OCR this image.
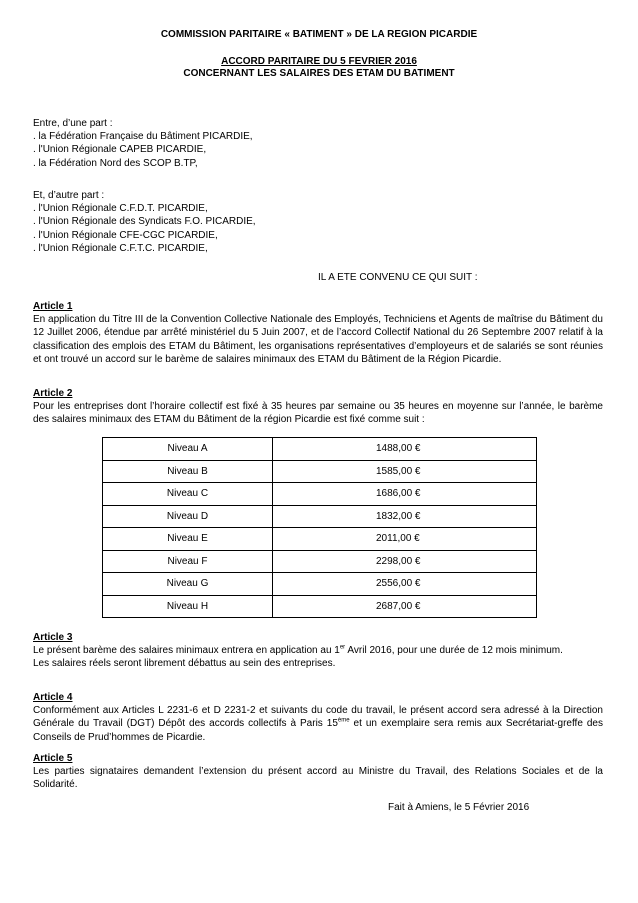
COMMISSION PARITAIRE « BATIMENT » DE LA REGION PICARDIE
ACCORD PARITAIRE DU 5 FEVRIER 2016
CONCERNANT LES SALAIRES DES ETAM DU BATIMENT
Entre, d’une part :
. la Fédération Française du Bâtiment PICARDIE,
. l'Union Régionale CAPEB PICARDIE,
. la Fédération Nord des SCOP B.TP,
Et, d’autre part :
. l'Union Régionale C.F.D.T. PICARDIE,
. l'Union Régionale des Syndicats F.O. PICARDIE,
. l'Union Régionale CFE-CGC PICARDIE,
. l'Union Régionale C.F.T.C. PICARDIE,
IL A ETE CONVENU CE QUI SUIT :
Article 1
En application du Titre III de la Convention Collective Nationale des Employés, Techniciens et Agents de maîtrise du Bâtiment du 12 Juillet 2006, étendue par arrêté ministériel du 5 Juin 2007, et de l’accord Collectif National du 26 Septembre 2007 relatif à la classification des emplois des ETAM du Bâtiment, les organisations représentatives d’employeurs et de salariés se sont réunies et ont trouvé un accord sur le barème de salaires minimaux des ETAM du Bâtiment de la Région Picardie.
Article 2
Pour les entreprises dont l’horaire collectif est fixé à 35 heures par semaine ou 35 heures en moyenne sur l’année, le barème des salaires minimaux des ETAM du Bâtiment de la région Picardie est fixé comme suit :
Niveau A	1488,00 €
Niveau B	1585,00 €
Niveau C	1686,00 €
Niveau D	1832,00 €
Niveau E	2011,00 €
Niveau F	2298,00 €
Niveau G	2556,00 €
Niveau H	2687,00 €
Article 3
Le présent barème des salaires minimaux entrera en application au 1er Avril 2016, pour une durée de 12 mois minimum.
Les salaires réels seront librement débattus au sein des entreprises.
Article 4
Conformément aux Articles L 2231-6 et D 2231-2 et suivants du code du travail, le présent accord sera adressé à la Direction Générale du Travail (DGT) Dépôt des accords collectifs à Paris 15ème et un exemplaire sera remis aux Secrétariat-greffe des Conseils de Prud’hommes de Picardie.
Article 5
Les parties signataires demandent l’extension du présent accord au Ministre du Travail, des Relations Sociales et de la Solidarité.
Fait à Amiens, le 5 Février 2016
